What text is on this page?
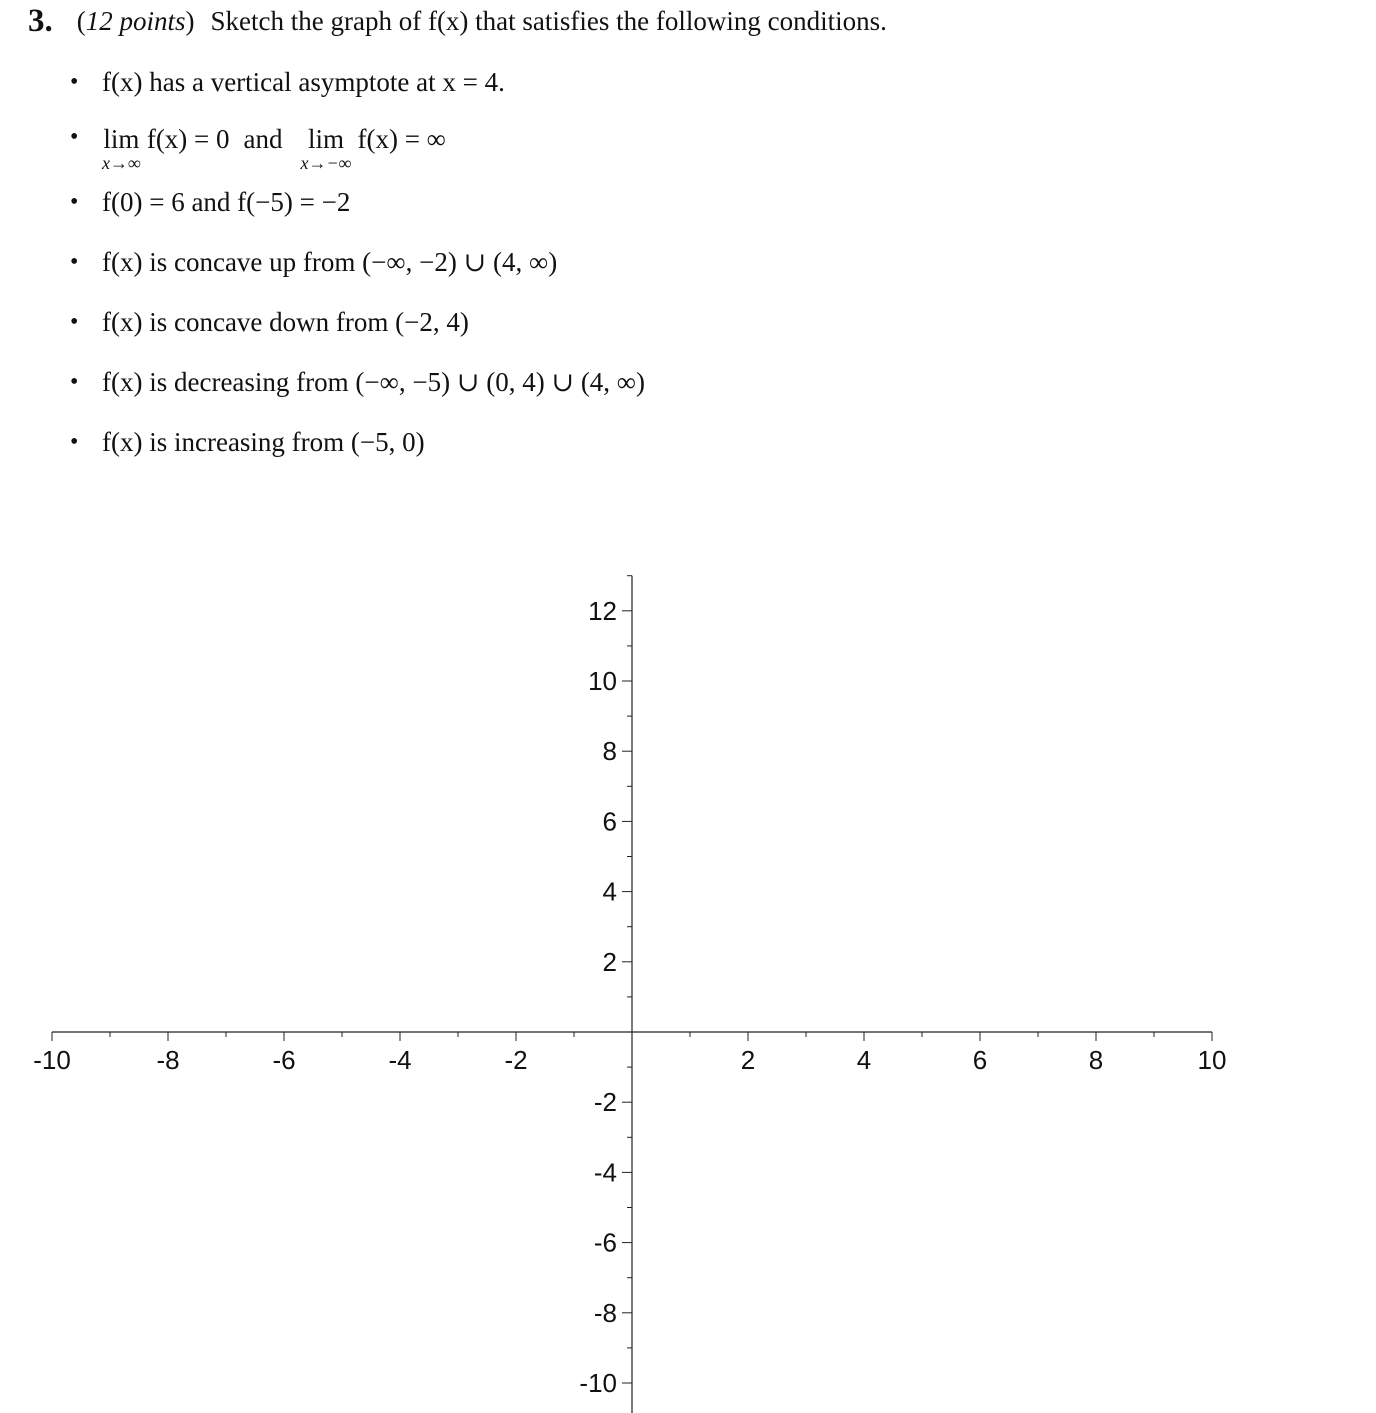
3. (12 points) Sketch the graph of f(x) that satisfies the following conditions.
• f(x) has a vertical asymptote at x = 4.
• lim
x→∞
f(x) = 0 and lim
x→−∞
f(x) = ∞
• f(0) = 6 and f(−5) = −2
• f(x) is concave up from (−∞, −2) ∪ (4, ∞)
• f(x) is concave down from (−2, 4)
• f(x) is decreasing from (−∞, −5) ∪ (0, 4) ∪ (4, ∞)
• f(x) is increasing from (−5, 0)
-10	-8	-6	-4	-2	2	4	6	8	10
12
10
8
6
4
2
-2
-4
-6
-8
-10
